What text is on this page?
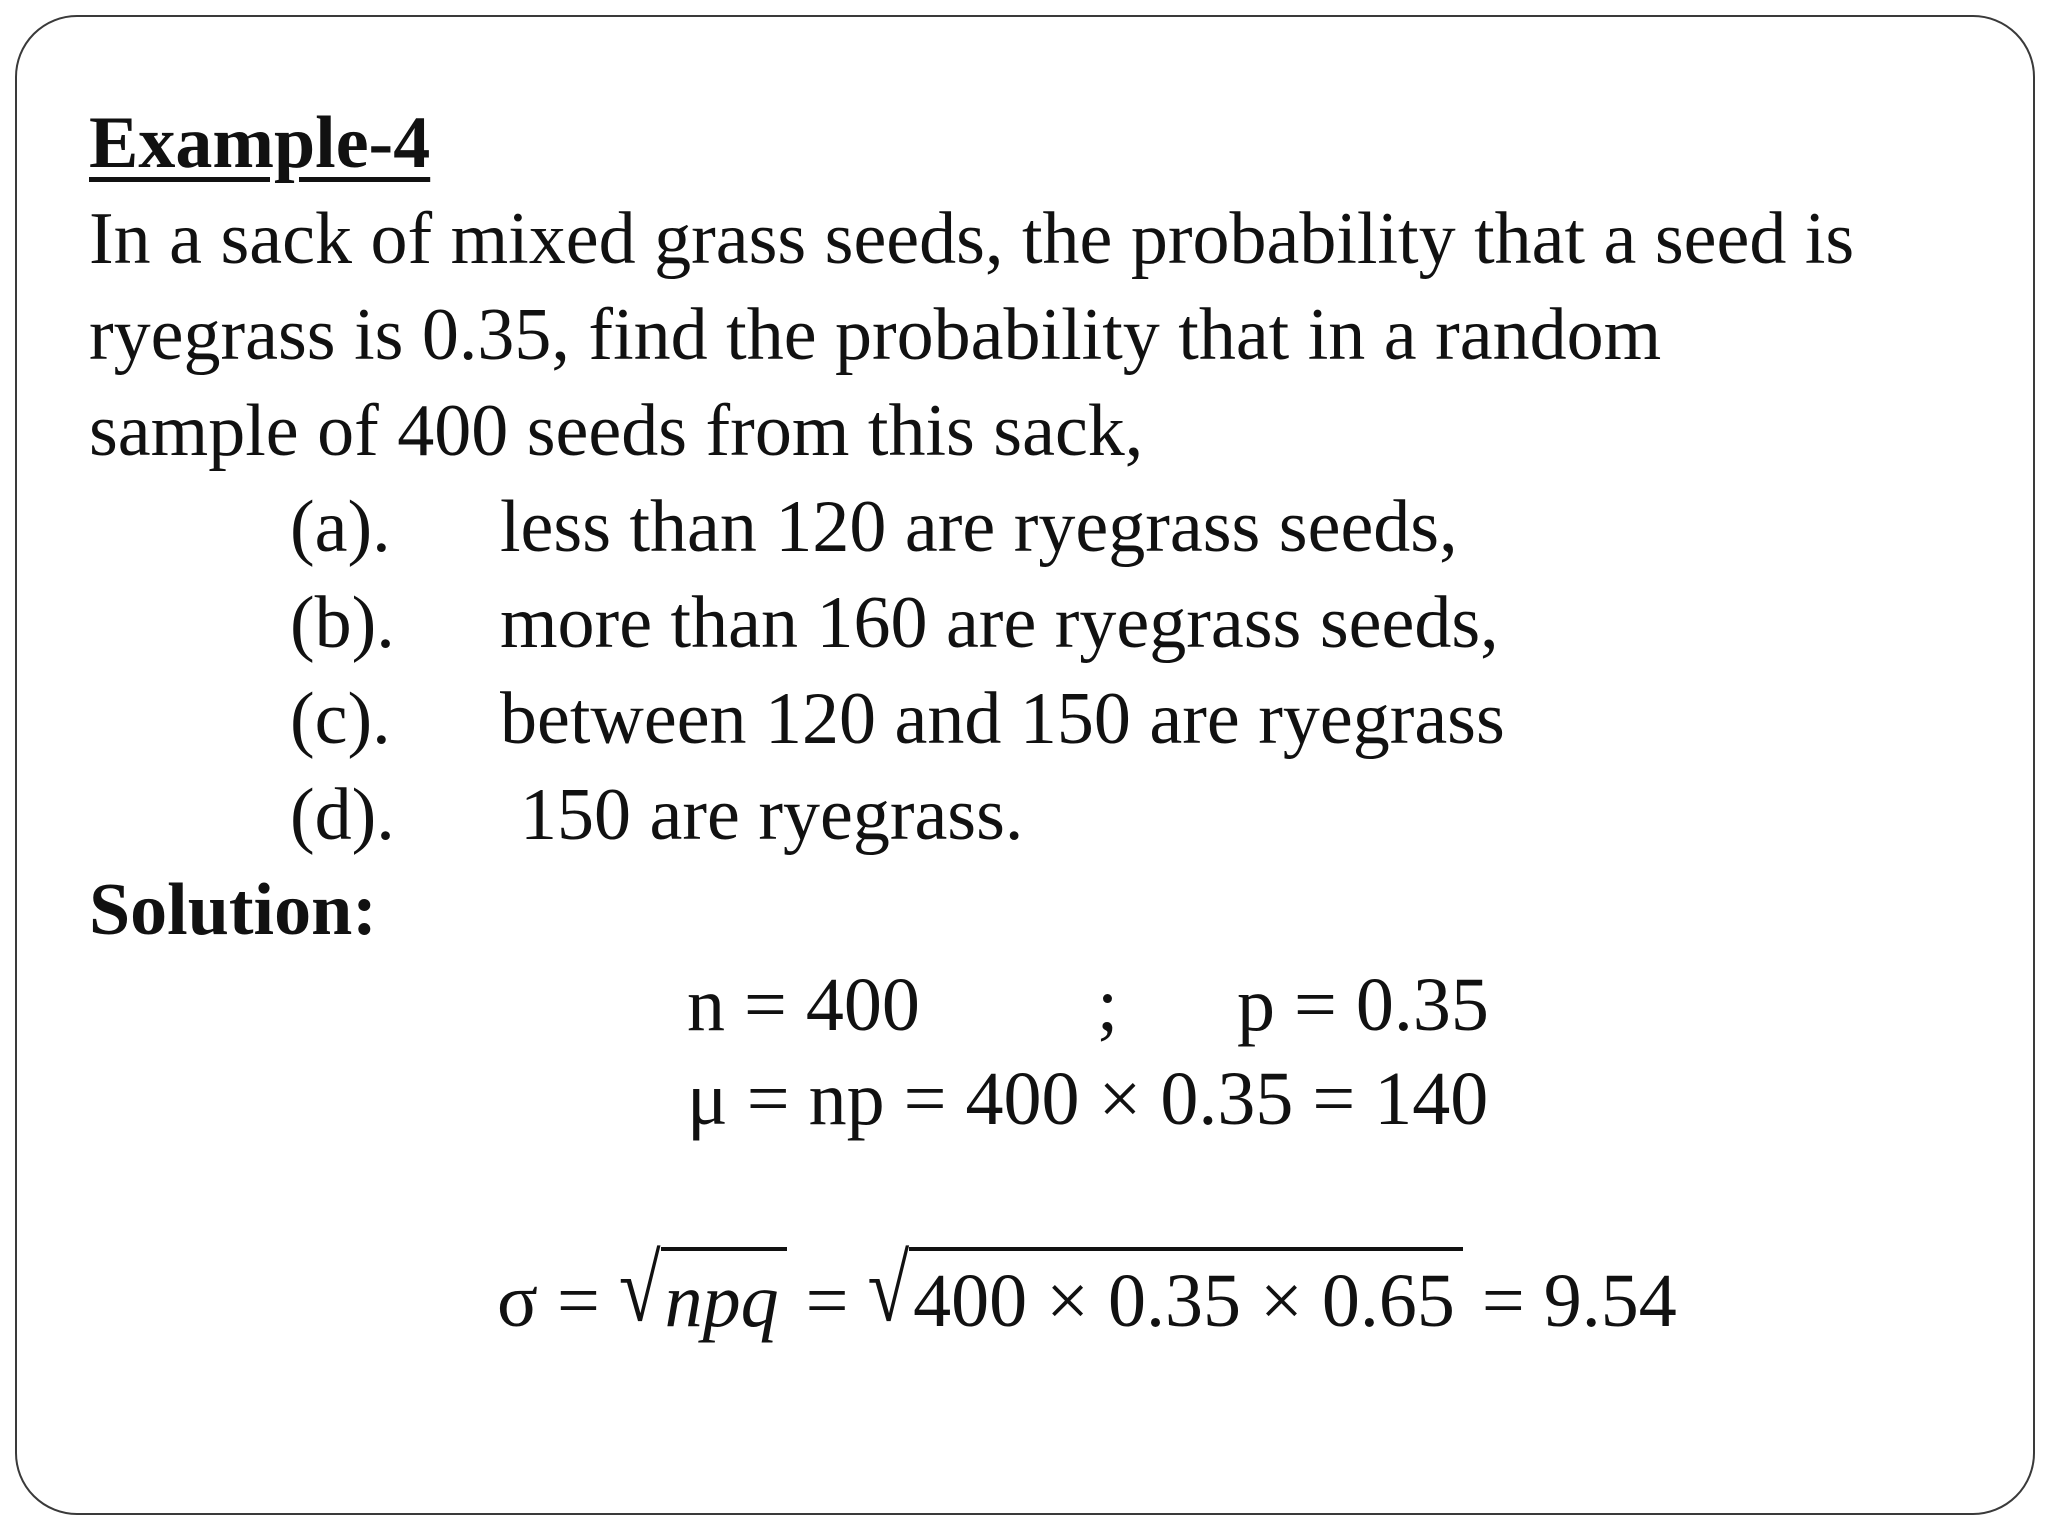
Example-4
In a sack of mixed grass seeds, the probability that a seed is
ryegrass is 0.35, find the probability that in a random
sample of 400 seeds from this sack,
(a). less than 120 are ryegrass seeds,
(b). more than 160 are ryegrass seeds,
(c). between 120 and 150 are ryegrass
(d). 150 are ryegrass.
Solution:
n = 400 ; p = 0.35
μ = np = 400 × 0.35 = 140
σ = √npq = √400 × 0.35 × 0.65 = 9.54
